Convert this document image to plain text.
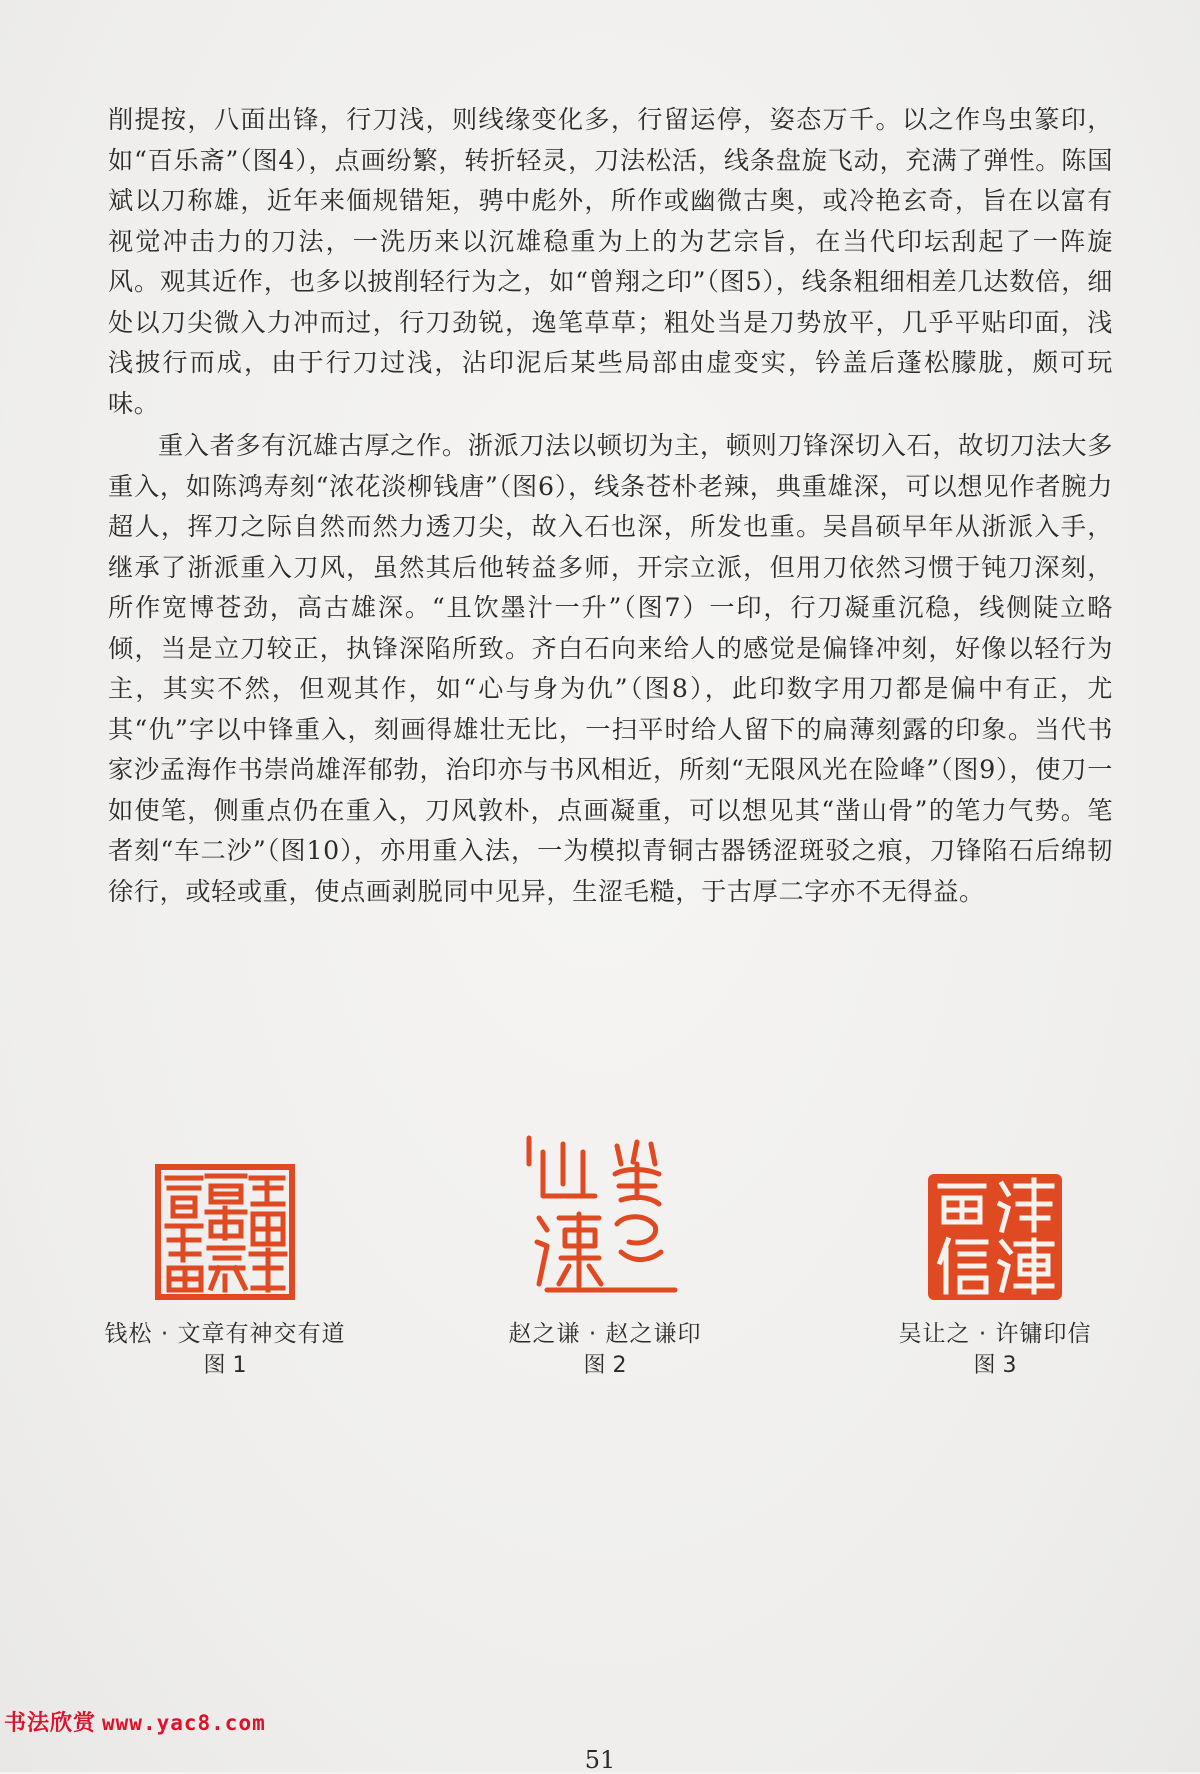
削提按，八面出锋，行刀浅，则线缘变化多，行留运停，姿态万千。以之作鸟虫篆印，如“百乐斋”（图4），点画纷繁，转折轻灵，刀法松活，线条盘旋飞动，充满了弹性。陈国斌以刀称雄，近年来偭规错矩，骋中彪外，所作或幽微古奥，或冷艳玄奇，旨在以富有视觉冲击力的刀法，一洗历来以沉雄稳重为上的为艺宗旨，在当代印坛刮起了一阵旋风。观其近作，也多以披削轻行为之，如“曾翔之印”（图5），线条粗细相差几达数倍，细处以刀尖微入力冲而过，行刀劲锐，逸笔草草；粗处当是刀势放平，几乎平贴印面，浅浅披行而成，由于行刀过浅，沾印泥后某些局部由虚变实，钤盖后蓬松朦胧，颇可玩味。

重入者多有沉雄古厚之作。浙派刀法以顿切为主，顿则刀锋深切入石，故切刀法大多重入，如陈鸿寿刻“浓花淡柳钱唐”（图6），线条苍朴老辣，典重雄深，可以想见作者腕力超人，挥刀之际自然而然力透刀尖，故入石也深，所发也重。吴昌硕早年从浙派入手，继承了浙派重入刀风，虽然其后他转益多师，开宗立派，但用刀依然习惯于钝刀深刻，所作宽博苍劲，高古雄深。“且饮墨汁一升”（图7）一印，行刀凝重沉稳，线侧陡立略倾，当是立刀较正，执锋深陷所致。齐白石向来给人的感觉是偏锋冲刻，好像以轻行为主，其实不然，但观其作，如“心与身为仇”（图8），此印数字用刀都是偏中有正，尤其“仇”字以中锋重入，刻画得雄壮无比，一扫平时给人留下的扁薄刻露的印象。当代书家沙孟海作书崇尚雄浑郁勃，治印亦与书风相近，所刻“无限风光在险峰”（图9），使刀一如使笔，侧重点仍在重入，刀风敦朴，点画凝重，可以想见其“凿山骨”的笔力气势。笔者刻“车二沙”（图10），亦用重入法，一为模拟青铜古器锈涩斑驳之痕，刀锋陷石后绵韧徐行，或轻或重，使点画剥脱同中见异，生涩毛糙，于古厚二字亦不无得益。

钱松 · 文章有神交有道
图 1
赵之谦 · 赵之谦印
图 2
吴让之 · 许镛印信
图 3
书法欣赏 www.yac8.com
51
